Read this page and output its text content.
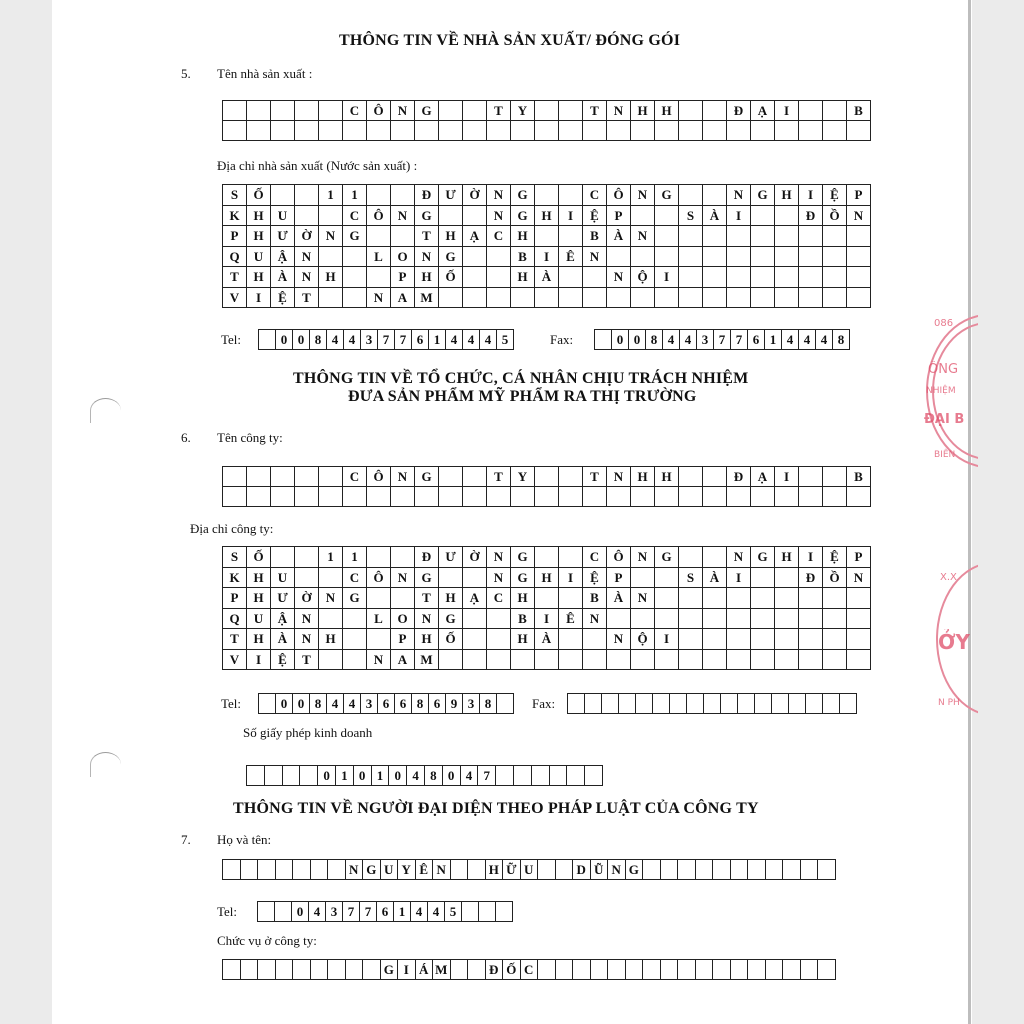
THÔNG TIN VỀ NHÀ SẢN XUẤT/ ĐÓNG GÓI
5. Tên nhà sản xuất :
C	Ô	N	G	T	Y	T	N	H	H	Đ	Ạ	I	B
Địa chỉ nhà sản xuất (Nước sản xuất) :
S	Ố	1	1	Đ	Ư	Ờ	N	G	C	Ô	N	G	N	G	H	I	Ệ	P
K	H	U	C	Ô	N	G	N	G	H	I	Ệ	P	S	À	I	Đ	Ồ	N
P	H	Ư	Ờ	N	G	T	H	Ạ	C	H	B	À	N
Q	U	Ậ	N	L	O	N	G	B	I	Ê	N
T	H	À	N	H	P	H	Ố	H	À	N	Ộ	I
V	I	Ệ	T	N	A	M
Tel:	0 0 8 4 4 3 7 7 6 1 4 4 4 5	Fax:	0 0 8 4 4 3 7 7 6 1 4 4 4 8
THÔNG TIN VỀ TỔ CHỨC, CÁ NHÂN CHỊU TRÁCH NHIỆM
ĐƯA SẢN PHẨM MỸ PHẨM RA THỊ TRƯỜNG
6. Tên công ty:
C	Ô	N	G	T	Y	T	N	H	H	Đ	Ạ	I	B
Địa chỉ công ty:
S	Ố	1	1	Đ	Ư	Ờ	N	G	C	Ô	N	G	N	G	H	I	Ệ	P
K	H	U	C	Ô	N	G	N	G	H	I	Ệ	P	S	À	I	Đ	Ồ	N
P	H	Ư	Ờ	N	G	T	H	Ạ	C	H	B	À	N
Q	U	Ậ	N	L	O	N	G	B	I	Ê	N
T	H	À	N	H	P	H	Ố	H	À	N	Ộ	I
V	I	Ệ	T	N	A	M
Tel:	0 0 8 4 4 3 6 6 8 6 9 3 8	Fax:
Số giấy phép kinh doanh
0 1 0 1 0 4 8 0 4 7
THÔNG TIN VỀ NGƯỜI ĐẠI DIỆN THEO PHÁP LUẬT CỦA CÔNG TY
7. Họ và tên:
N G U Y Ê N	H Ữ U	D Ũ N G
Tel:	0 4 3 7 7 6 1 4 4 5
Chức vụ ở công ty:
G I Á M	Đ Ố C
086
ÔNG
NHIỆM
ĐẠI B
BIÊN
X.X
ỞY
N PH
